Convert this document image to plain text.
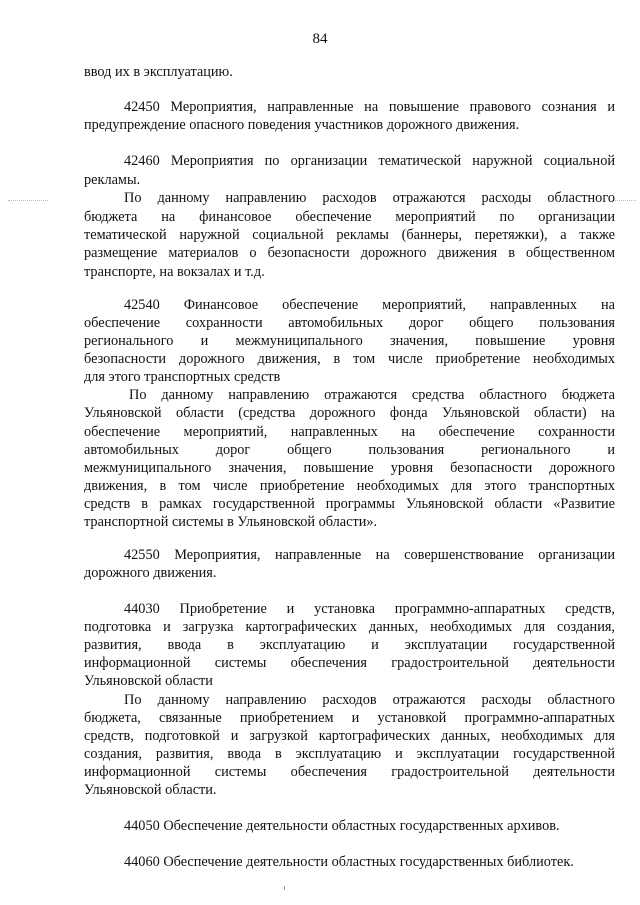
84
ввод их в эксплуатацию.
42450 Мероприятия, направленные на повышение правового сознания и
предупреждение опасного поведения участников дорожного движения.
42460 Мероприятия по организации тематической наружной социальной
рекламы.
По данному направлению расходов отражаются расходы областного
бюджета на финансовое обеспечение мероприятий по организации
тематической наружной социальной рекламы (баннеры, перетяжки), а также
размещение материалов о безопасности дорожного движения в общественном
транспорте, на вокзалах и т.д.
42540 Финансовое обеспечение мероприятий, направленных на
обеспечение сохранности автомобильных дорог общего пользования
регионального и межмуниципального значения, повышение уровня
безопасности дорожного движения, в том числе приобретение необходимых
для этого транспортных средств
По данному направлению отражаются средства областного бюджета
Ульяновской области (средства дорожного фонда Ульяновской области) на
обеспечение мероприятий, направленных на обеспечение сохранности
автомобильных дорог общего пользования регионального и
межмуниципального значения, повышение уровня безопасности дорожного
движения, в том числе приобретение необходимых для этого транспортных
средств в рамках государственной программы Ульяновской области «Развитие
транспортной системы в Ульяновской области».
42550 Мероприятия, направленные на совершенствование организации
дорожного движения.
44030 Приобретение и установка программно-аппаратных средств,
подготовка и загрузка картографических данных, необходимых для создания,
развития, ввода в эксплуатацию и эксплуатации государственной
информационной системы обеспечения градостроительной деятельности
Ульяновской области
По данному направлению расходов отражаются расходы областного
бюджета, связанные приобретением и установкой программно-аппаратных
средств, подготовкой и загрузкой картографических данных, необходимых для
создания, развития, ввода в эксплуатацию и эксплуатации государственной
информационной системы обеспечения градостроительной деятельности
Ульяновской области.
44050 Обеспечение деятельности областных государственных архивов.
44060 Обеспечение деятельности областных государственных библиотек.
